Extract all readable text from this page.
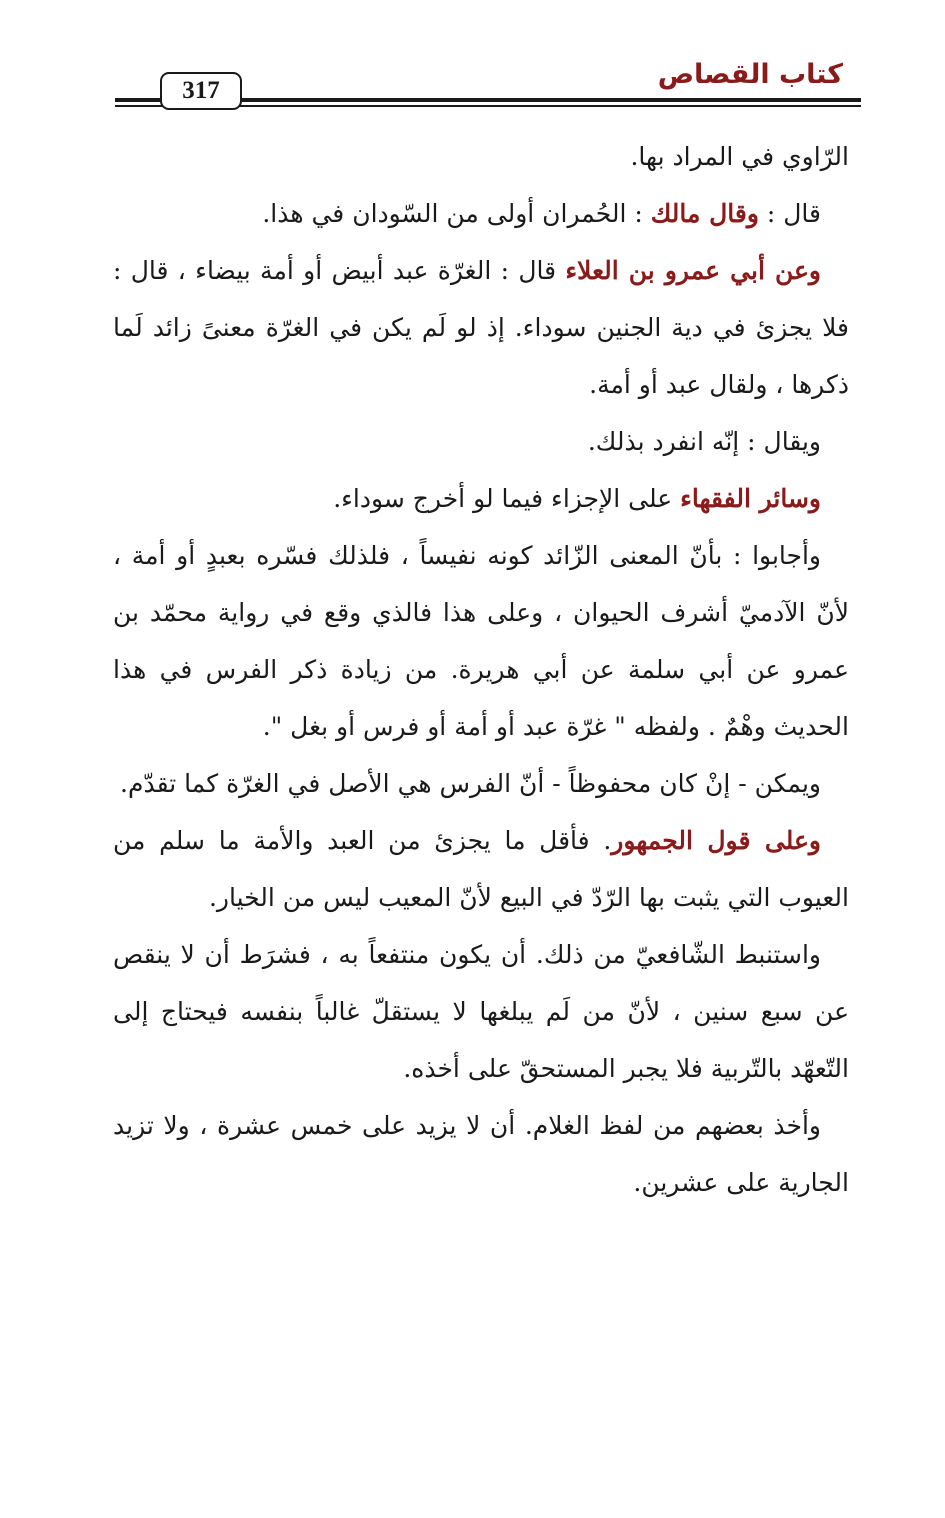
كتاب القصاص
317

الرّاوي في المراد بها.

قال : وقال مالك : الحُمران أولى من السّودان في هذا.

وعن أبي عمرو بن العلاء قال : الغرّة عبد أبيض أو أمة بيضاء ، قال : فلا يجزئ في دية الجنين سوداء. إذ لو لَم يكن في الغرّة معنىً زائد لَما ذكرها ، ولقال عبد أو أمة.

ويقال : إنّه انفرد بذلك.

وسائر الفقهاء على الإجزاء فيما لو أخرج سوداء.

وأجابوا : بأنّ المعنى الزّائد كونه نفيساً ، فلذلك فسّره بعبدٍ أو أمة ، لأنّ الآدميّ أشرف الحيوان ، وعلى هذا فالذي وقع في رواية محمّد بن عمرو عن أبي سلمة عن أبي هريرة. من زيادة ذكر الفرس في هذا الحديث وهْمٌ . ولفظه " غرّة عبد أو أمة أو فرس أو بغل ".

ويمكن - إنْ كان محفوظاً - أنّ الفرس هي الأصل في الغرّة كما تقدّم.

وعلى قول الجمهور. فأقل ما يجزئ من العبد والأمة ما سلم من العيوب التي يثبت بها الرّدّ في البيع لأنّ المعيب ليس من الخيار.

واستنبط الشّافعيّ من ذلك. أن يكون منتفعاً به ، فشرَط أن لا ينقص عن سبع سنين ، لأنّ من لَم يبلغها لا يستقلّ غالباً بنفسه فيحتاج إلى التّعهّد بالتّربية فلا يجبر المستحقّ على أخذه.

وأخذ بعضهم من لفظ الغلام. أن لا يزيد على خمس عشرة ، ولا تزيد الجارية على عشرين.
